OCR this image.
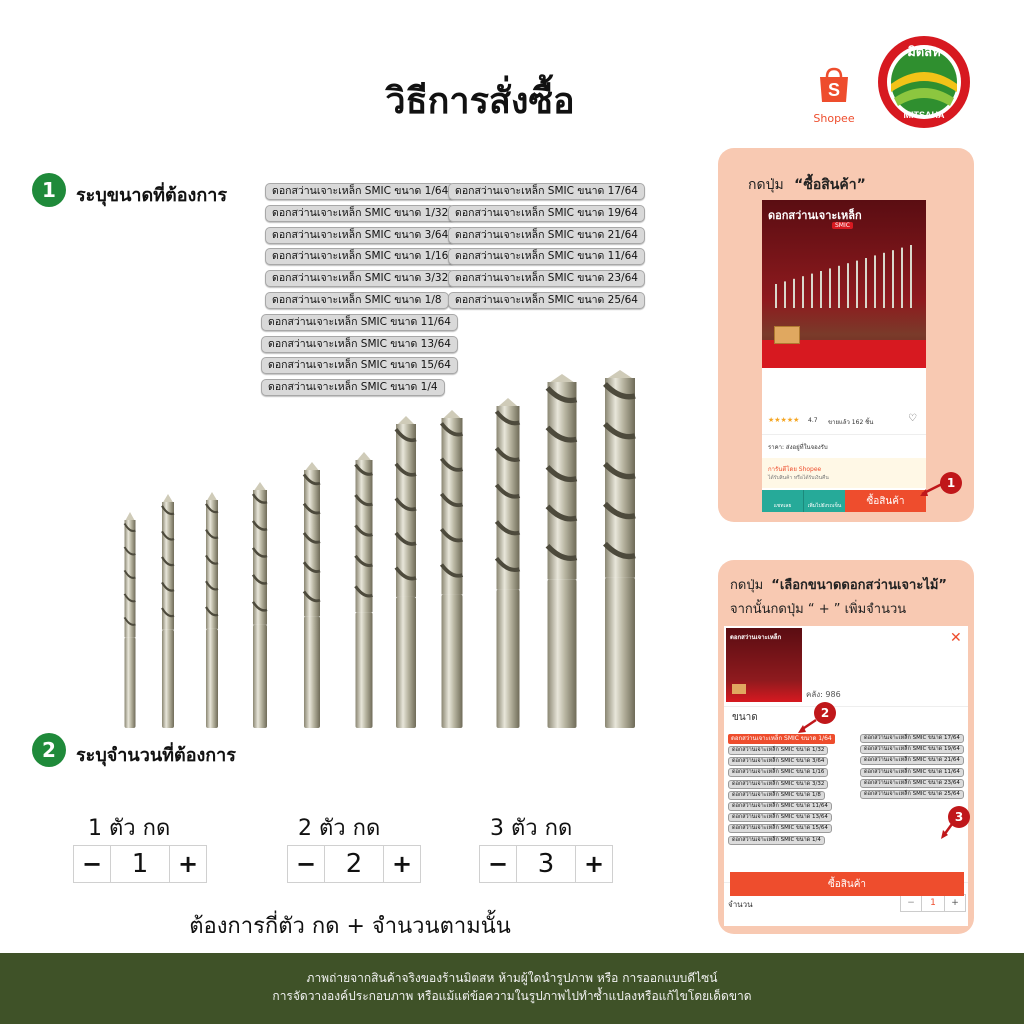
วิธีการสั่งซื้อ	S
Shopee
มิตสห
MITSAHA
1	ระบุขนาดที่ต้องการ	ดอกสว่านเจาะเหล็ก SMIC ขนาด 1/64
ดอกสว่านเจาะเหล็ก SMIC ขนาด 1/32
ดอกสว่านเจาะเหล็ก SMIC ขนาด 3/64
ดอกสว่านเจาะเหล็ก SMIC ขนาด 1/16
ดอกสว่านเจาะเหล็ก SMIC ขนาด 3/32
ดอกสว่านเจาะเหล็ก SMIC ขนาด 1/8
ดอกสว่านเจาะเหล็ก SMIC ขนาด 11/64
ดอกสว่านเจาะเหล็ก SMIC ขนาด 13/64
ดอกสว่านเจาะเหล็ก SMIC ขนาด 15/64
ดอกสว่านเจาะเหล็ก SMIC ขนาด 1/4
ดอกสว่านเจาะเหล็ก SMIC ขนาด 17/64
ดอกสว่านเจาะเหล็ก SMIC ขนาด 19/64
ดอกสว่านเจาะเหล็ก SMIC ขนาด 21/64
ดอกสว่านเจาะเหล็ก SMIC ขนาด 11/64
ดอกสว่านเจาะเหล็ก SMIC ขนาด 23/64
ดอกสว่านเจาะเหล็ก SMIC ขนาด 25/64
2	ระบุจำนวนที่ต้องการ
1 ตัว กด
−	1	+
2 ตัว กด
−	2	+
3 ตัว กด
−	3	+
ต้องการกี่ตัว กด + จำนวนตามนั้น
กดปุ่ม “ซื้อสินค้า”
ดอกสว่านเจาะเหล็ก
SMIC
★★★★★ 4.7 ขายแล้ว 162 ชิ้น	♡
ราคา: ส่งอยู่ที่ในจองรับ
การันตีโดย Shopee
ได้รับสินค้า หรือได้รับเงินคืน
แชทเลย	เพิ่มไปยังรถเข็น	ซื้อสินค้า
1
กดปุ่ม “เลือกขนาดดอกสว่านเจาะไม้”
จากนั้นกดปุ่ม “ + ” เพิ่มจำนวน
ดอกสว่านเจาะเหล็ก	✕
คลัง: 986
ขนาด
ดอกสว่านเจาะเหล็ก SMIC ขนาด 1/64
ดอกสว่านเจาะเหล็ก SMIC ขนาด 1/32
ดอกสว่านเจาะเหล็ก SMIC ขนาด 3/64
ดอกสว่านเจาะเหล็ก SMIC ขนาด 1/16
ดอกสว่านเจาะเหล็ก SMIC ขนาด 3/32
ดอกสว่านเจาะเหล็ก SMIC ขนาด 1/8
ดอกสว่านเจาะเหล็ก SMIC ขนาด 11/64
ดอกสว่านเจาะเหล็ก SMIC ขนาด 13/64
ดอกสว่านเจาะเหล็ก SMIC ขนาด 15/64
ดอกสว่านเจาะเหล็ก SMIC ขนาด 1/4
ดอกสว่านเจาะเหล็ก SMIC ขนาด 17/64
ดอกสว่านเจาะเหล็ก SMIC ขนาด 19/64
ดอกสว่านเจาะเหล็ก SMIC ขนาด 21/64
ดอกสว่านเจาะเหล็ก SMIC ขนาด 11/64
ดอกสว่านเจาะเหล็ก SMIC ขนาด 23/64
ดอกสว่านเจาะเหล็ก SMIC ขนาด 25/64
จำนวน	−	1	+
ซื้อสินค้า
2
3
ภาพถ่ายจากสินค้าจริงของร้านมิตสห ห้ามผู้ใดนำรูปภาพ หรือ การออกแบบดีไซน์
การจัดวางองค์ประกอบภาพ หรือแม้แต่ข้อความในรูปภาพไปทำซ้ำแปลงหรือแก้ไขโดยเด็ดขาด
